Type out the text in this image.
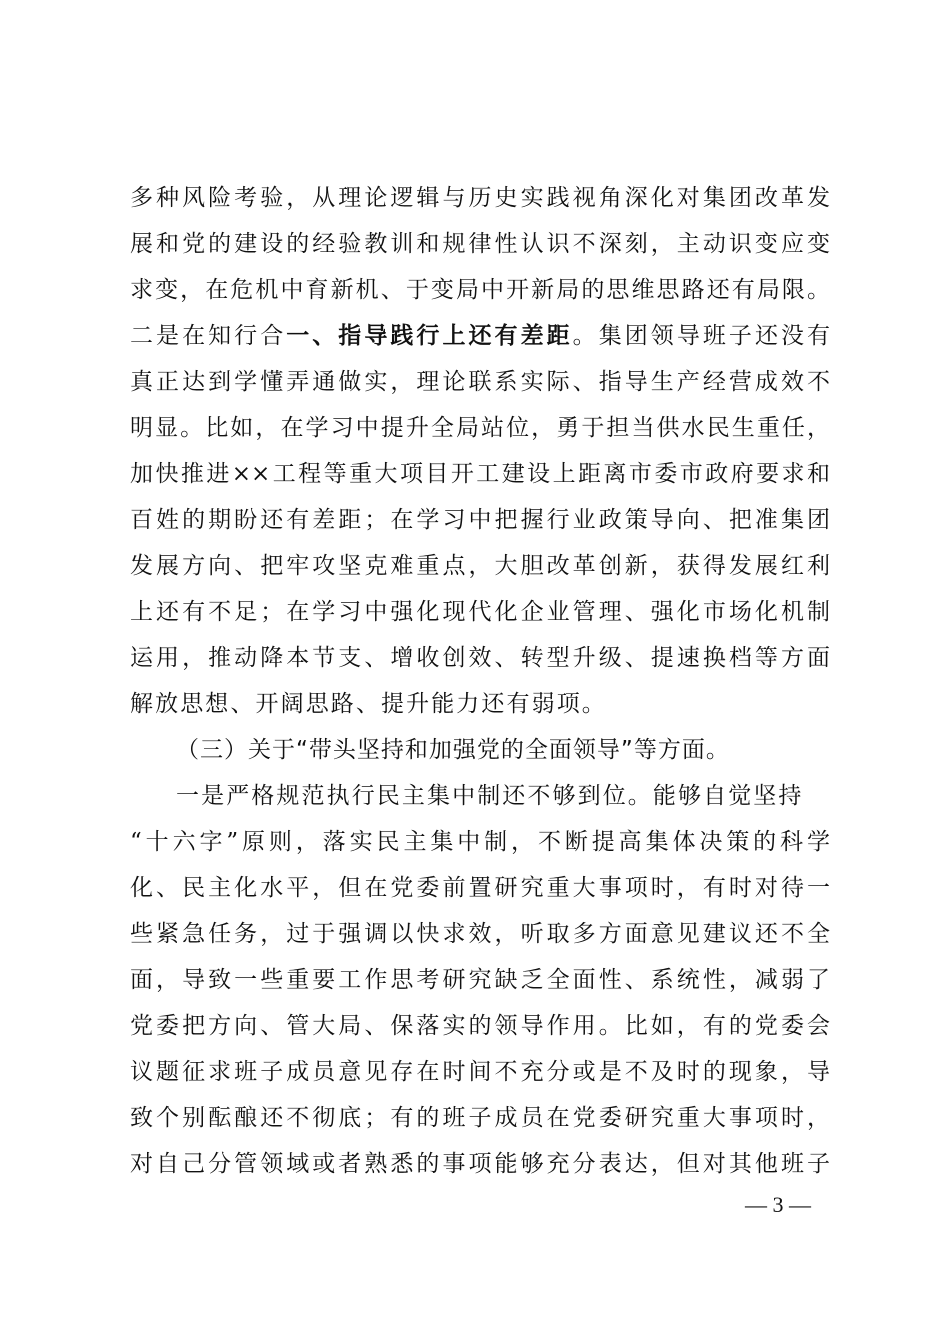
多种风险考验，从理论逻辑与历史实践视角深化对集团改革发
展和党的建设的经验教训和规律性认识不深刻，主动识变应变
求变，在危机中育新机、于变局中开新局的思维思路还有局限。
二是在知行合一、指导践行上还有差距。集团领导班子还没有
真正达到学懂弄通做实，理论联系实际、指导生产经营成效不
明显。比如，在学习中提升全局站位，勇于担当供水民生重任，
加快推进××工程等重大项目开工建设上距离市委市政府要求和
百姓的期盼还有差距；在学习中把握行业政策导向、把准集团
发展方向、把牢攻坚克难重点，大胆改革创新，获得发展红利
上还有不足；在学习中强化现代化企业管理、强化市场化机制
运用，推动降本节支、增收创效、转型升级、提速换档等方面
解放思想、开阔思路、提升能力还有弱项。
（三）关于“带头坚持和加强党的全面领导”等方面。
一是严格规范执行民主集中制还不够到位。能够自觉坚持
“十六字”原则，落实民主集中制，不断提高集体决策的科学
化、民主化水平，但在党委前置研究重大事项时，有时对待一
些紧急任务，过于强调以快求效，听取多方面意见建议还不全
面，导致一些重要工作思考研究缺乏全面性、系统性，减弱了
党委把方向、管大局、保落实的领导作用。比如，有的党委会
议题征求班子成员意见存在时间不充分或是不及时的现象，导
致个别酝酿还不彻底；有的班子成员在党委研究重大事项时，
对自己分管领域或者熟悉的事项能够充分表达，但对其他班子
— 3 —
